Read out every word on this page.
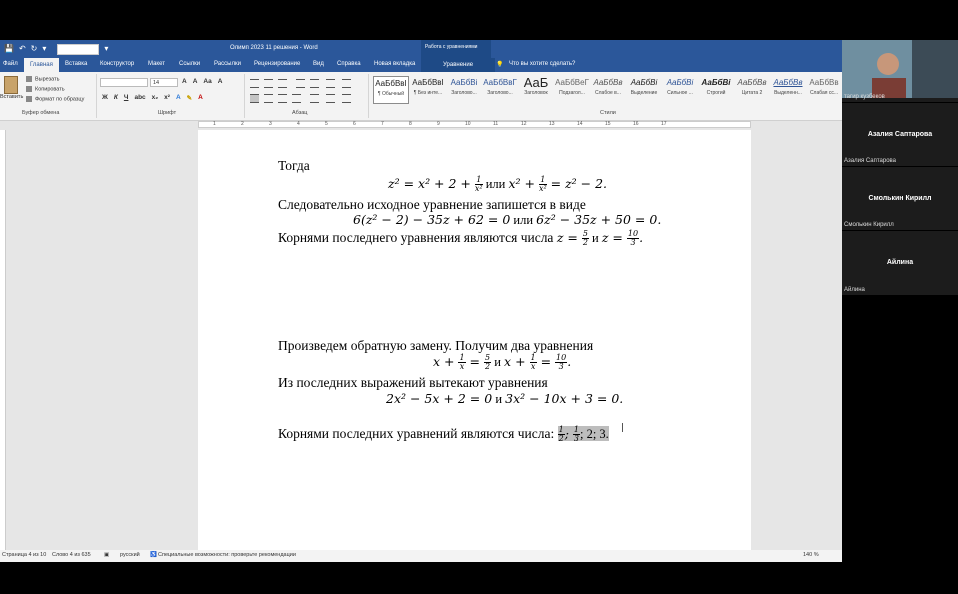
💾 ↶ ↻ ▾	▾	Олимп 2023 11 решения - Word	Работа с уравнениями
Файл	Главная	Вставка Конструктор Макет Ссылки Рассылки Рецензирование Вид Справка Новая вкладка	Уравнение	💡 Что вы хотите сделать?
Вставить
Вырезать
Копировать
Формат по образцу
Буфер обмена
14	A A Aa A
Ж К Ч аbc x₂ x² A ✎ A
Шрифт	Абзац
АаБбВвI
¶ Обычный
АаБбВвI
¶ Без инте...
АаБбВі
Заголово...
АаБбВвГ
Заголово...
АаБ
Заголовок
АаБбВеГ
Подзагол...
АаБбВв
Слабое в...
АаБбВі
Выделение
АаБбВі
Сильное ...
АаБбВі
Строгий
АаБбВв
Цитата 2
АаБбВв
Выделенн...
АаБбВв
Слабая сс...
Стили
1	2	3	4	5	6	7	8	9	10	11	12	13	14	15	16	17
Тогда
$z^2 = x^2 + 2 + \frac{1}{\text{x²}}$ или $x^2 + \frac{1}{\text{x²}} = z^2 - 2$.
Страница 4 из 10 Слово 4 из 635 ▣ русский ♿ Специальные возможности: проверьте рекомендации	140 %
Следовательно исходное уравнение запишется в виде
6(z² − 2) − 35z + 62 = 0 или 6z² − 35z + 50 = 0.
Корнями последнего уравнения являются числа $z = \frac{5}{2}$ и $z = \frac{10}{3}$ .
Произведем обратную замену. Получим два уравнения
$x + \frac{1}{x} = \frac{5}{2}$ и $x + \frac{1}{x} = \frac{10}{3}$ .
Из последних выражений вытекают уравнения
2x² − 5x + 2 = 0 и 3x² − 10x + 3 = 0.
Корнями последних уравнений являются числа: $\frac{1}{2}$ ; $\frac{1}{3}$ ; 2; 3.
тагир кузбеков
Азалия Саптарова
Азалия Саптарова
Смолькин Кирилл
Смолькин Кирилл
Айлина
Айлина
